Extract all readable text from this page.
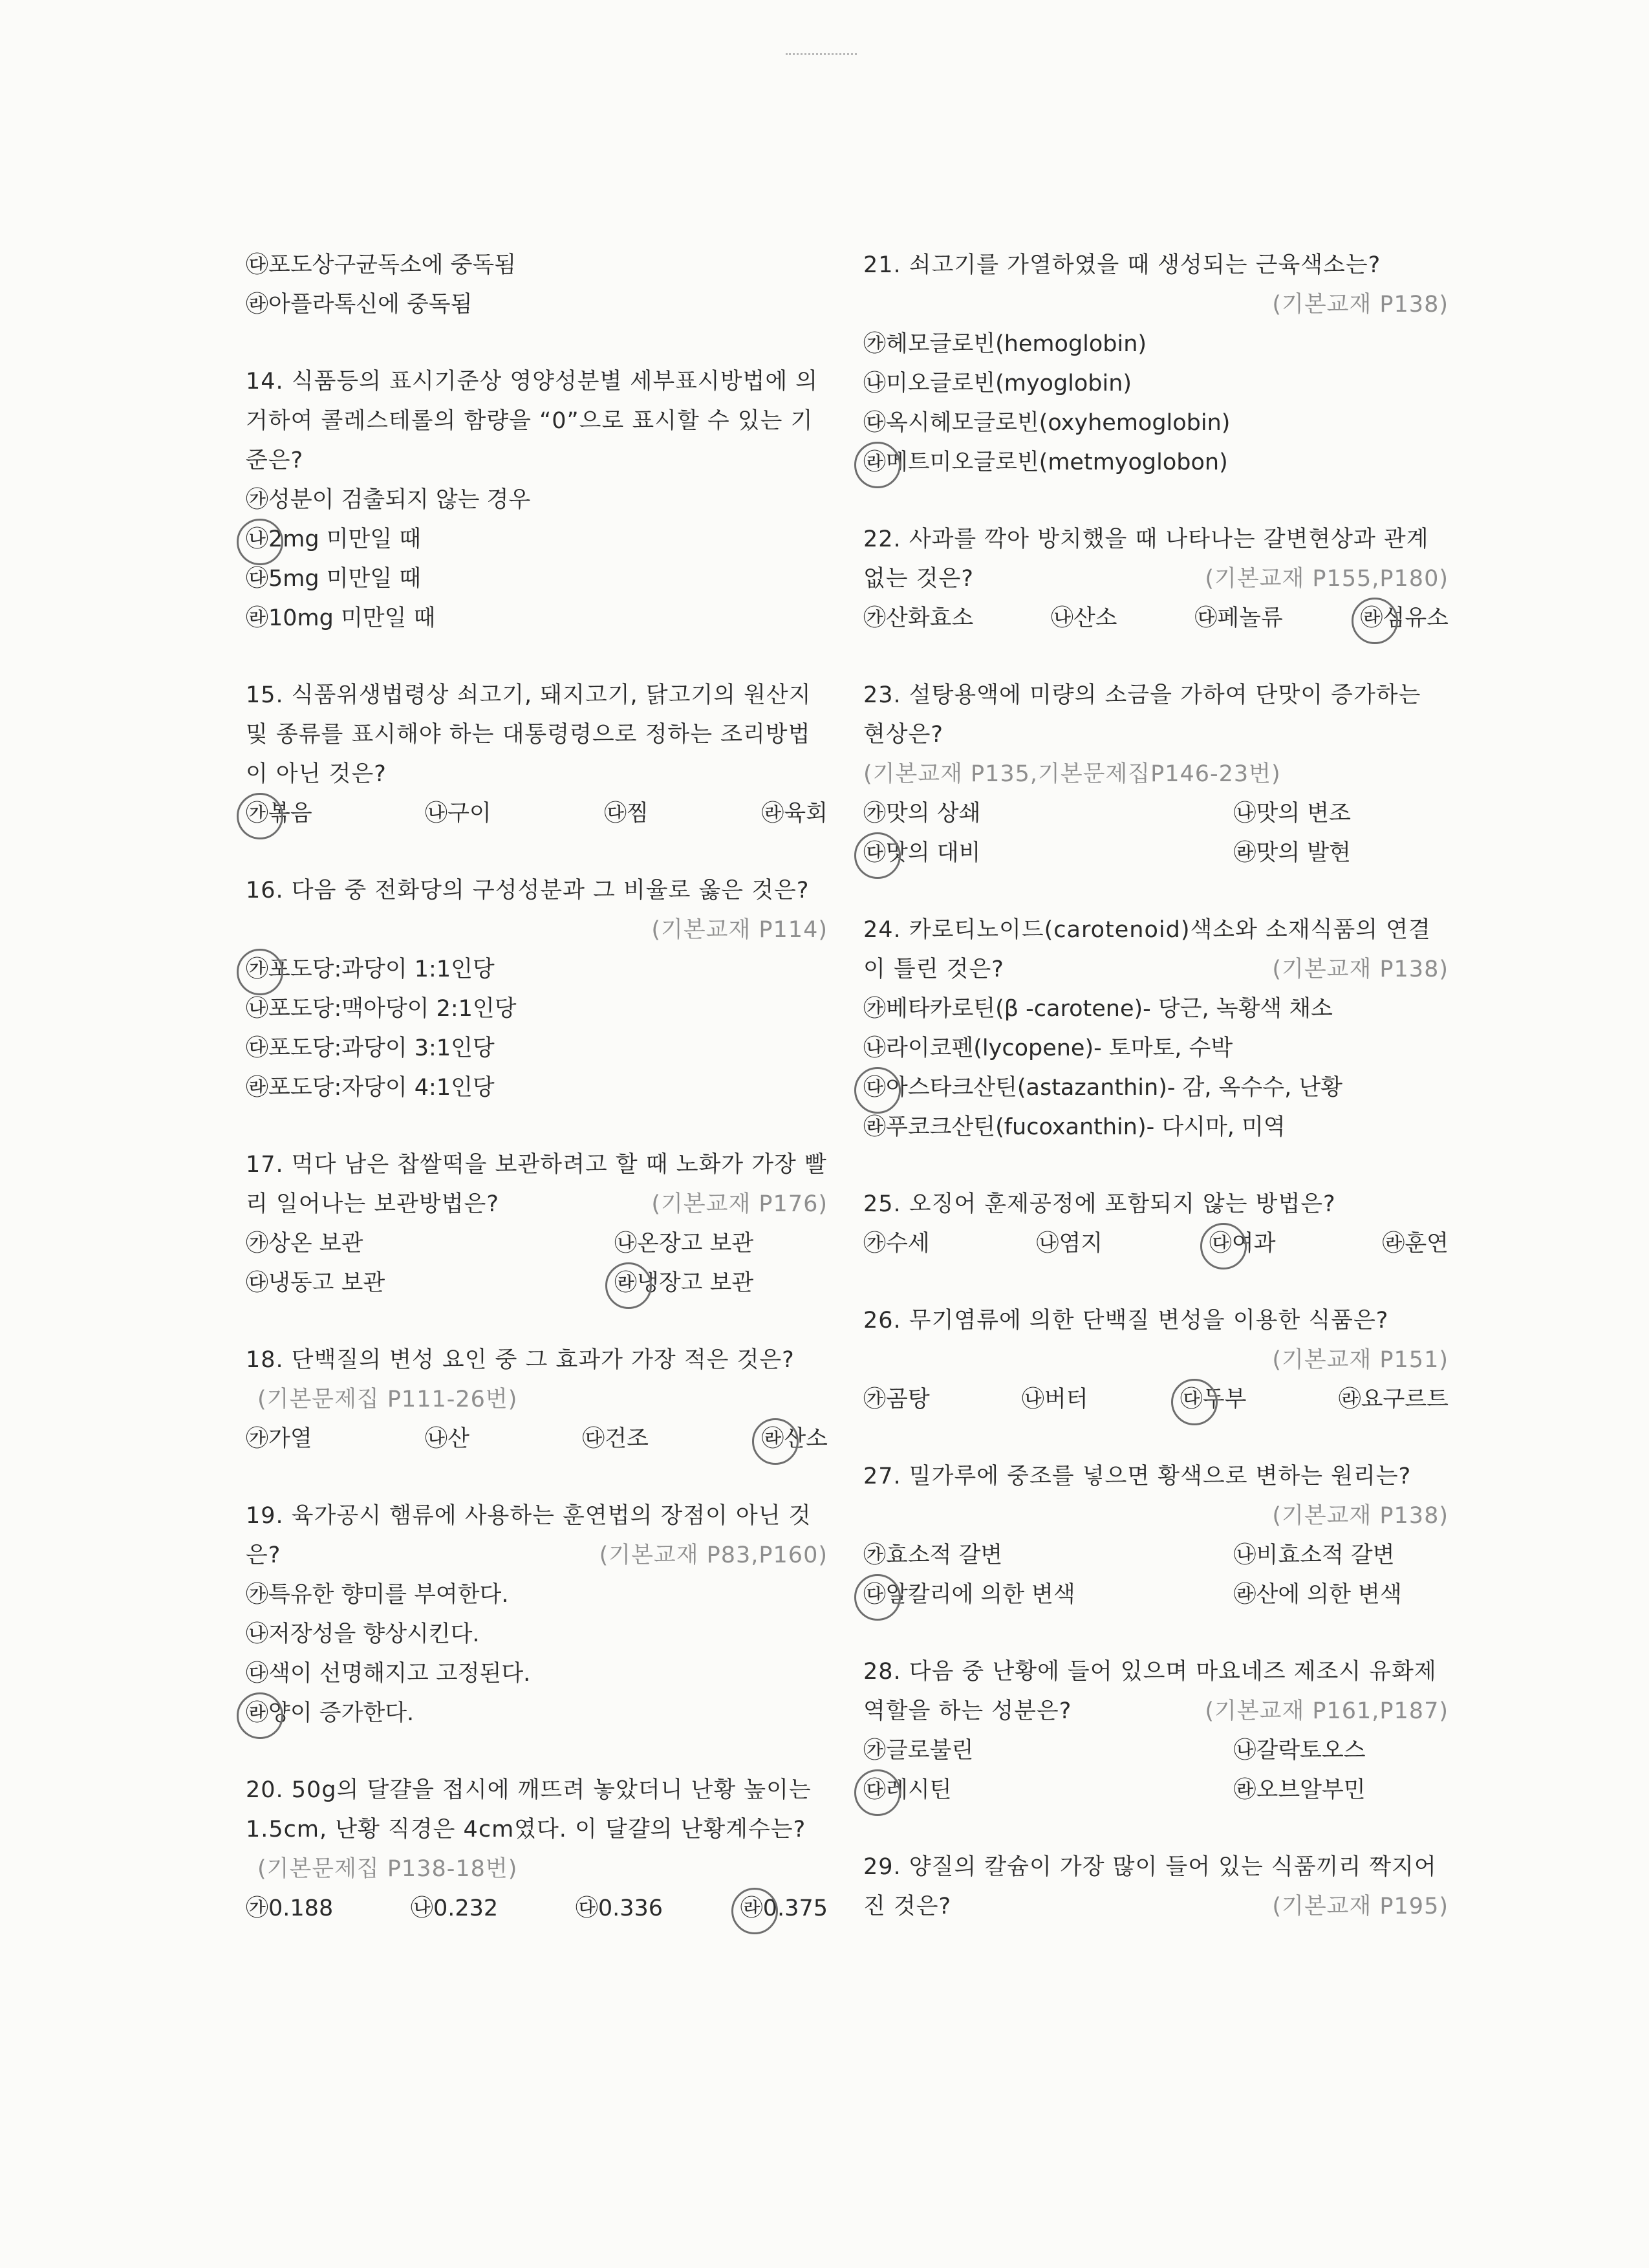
㉰포도상구균독소에 중독됨
㉱아플라톡신에 중독됨
14. 식품등의 표시기준상 영양성분별 세부표시방법에 의거하여 콜레스테롤의 함량을 “0”으로 표시할 수 있는 기준은?
㉮성분이 검출되지 않는 경우
㉯2mg 미만일 때
㉰5mg 미만일 때
㉱10mg 미만일 때
15. 식품위생법령상 쇠고기, 돼지고기, 닭고기의 원산지 및 종류를 표시해야 하는 대통령령으로 정하는 조리방법이 아닌 것은?
㉮볶음	㉯구이	㉰찜	㉱육회
16. 다음 중 전화당의 구성성분과 그 비율로 옳은 것은?
(기본교재 P114)
㉮포도당:과당이 1:1인당
㉯포도당:맥아당이 2:1인당
㉰포도당:과당이 3:1인당
㉱포도당:자당이 4:1인당
17. 먹다 남은 찹쌀떡을 보관하려고 할 때 노화가 가장 빨리 일어나는 보관방법은?	(기본교재 P176)
㉮상온 보관	㉯온장고 보관
㉰냉동고 보관	㉱냉장고 보관
18. 단백질의 변성 요인 중 그 효과가 가장 적은 것은?(기본문제집 P111-26번)
㉮가열	㉯산	㉰건조	㉱산소
19. 육가공시 햄류에 사용하는 훈연법의 장점이 아닌 것은?	(기본교재 P83,P160)
㉮특유한 향미를 부여한다.
㉯저장성을 향상시킨다.
㉰색이 선명해지고 고정된다.
㉱양이 증가한다.
20. 50g의 달걀을 접시에 깨뜨려 놓았더니 난황 높이는 1.5cm, 난황 직경은 4cm였다. 이 달걀의 난황계수는?(기본문제집 P138-18번)
㉮0.188	㉯0.232	㉰0.336	㉱0.375
21. 쇠고기를 가열하였을 때 생성되는 근육색소는?
(기본교재 P138)
㉮헤모글로빈(hemoglobin)
㉯미오글로빈(myoglobin)
㉰옥시헤모글로빈(oxyhemoglobin)
㉱메트미오글로빈(metmyoglobon)
22. 사과를 깍아 방치했을 때 나타나는 갈변현상과 관계없는 것은?	(기본교재 P155,P180)
㉮산화효소	㉯산소	㉰페놀류	㉱섬유소
23. 설탕용액에 미량의 소금을 가하여 단맛이 증가하는 현상은?
(기본교재 P135,기본문제집P146-23번)
㉮맛의 상쇄	㉯맛의 변조
㉰맛의 대비	㉱맛의 발현
24. 카로티노이드(carotenoid)색소와 소재식품의 연결이 틀린 것은?	(기본교재 P138)
㉮베타카로틴(β -carotene)- 당근, 녹황색 채소
㉯라이코펜(lycopene)- 토마토, 수박
㉰아스타크산틴(astazanthin)- 감, 옥수수, 난황
㉱푸코크산틴(fucoxanthin)- 다시마, 미역
25. 오징어 훈제공정에 포함되지 않는 방법은?
㉮수세	㉯염지	㉰여과	㉱훈연
26. 무기염류에 의한 단백질 변성을 이용한 식품은?
(기본교재 P151)
㉮곰탕	㉯버터	㉰두부	㉱요구르트
27. 밀가루에 중조를 넣으면 황색으로 변하는 원리는?
(기본교재 P138)
㉮효소적 갈변	㉯비효소적 갈변
㉰알칼리에 의한 변색	㉱산에 의한 변색
28. 다음 중 난황에 들어 있으며 마요네즈 제조시 유화제 역할을 하는 성분은?	(기본교재 P161,P187)
㉮글로불린	㉯갈락토오스
㉰레시틴	㉱오브알부민
29. 양질의 칼슘이 가장 많이 들어 있는 식품끼리 짝지어진 것은?	(기본교재 P195)
